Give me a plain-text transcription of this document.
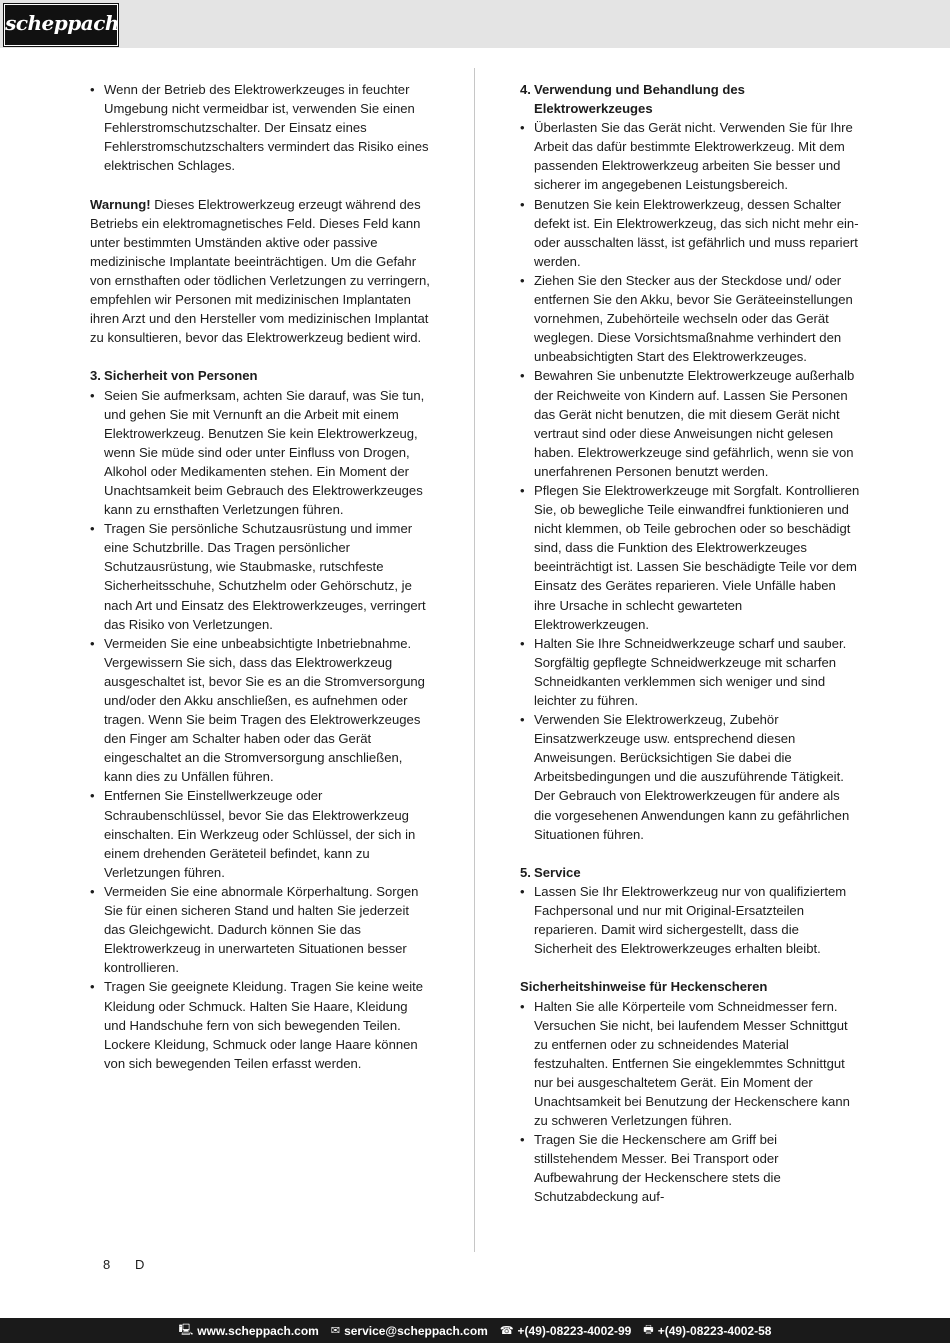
scheppach
• Wenn der Betrieb des Elektrowerkzeuges in feuchter Umgebung nicht vermeidbar ist, verwenden Sie einen Fehlerstromschutzschalter. Der Einsatz eines Fehlerstromschutzschalters vermindert das Risiko eines elektrischen Schlages.

Warnung! Dieses Elektrowerkzeug erzeugt während des Betriebs ein elektromagnetisches Feld. Dieses Feld kann unter bestimmten Umständen aktive oder passive medizinische Implantate beeinträchtigen. Um die Gefahr von ernsthaften oder tödlichen Verletzungen zu verringern, empfehlen wir Personen mit medizinischen Implantaten ihren Arzt und den Hersteller vom medizinischen Implantat zu konsultieren, bevor das Elektrowerkzeug bedient wird.

3. Sicherheit von Personen
• Seien Sie aufmerksam, achten Sie darauf, was Sie tun, und gehen Sie mit Vernunft an die Arbeit mit einem Elektrowerkzeug. Benutzen Sie kein Elektrowerkzeug, wenn Sie müde sind oder unter Einfluss von Drogen, Alkohol oder Medikamenten stehen. Ein Moment der Unachtsamkeit beim Gebrauch des Elektrowerkzeuges kann zu ernsthaften Verletzungen führen.
• Tragen Sie persönliche Schutzausrüstung und immer eine Schutzbrille. Das Tragen persönlicher Schutzausrüstung, wie Staubmaske, rutschfeste Sicherheitsschuhe, Schutzhelm oder Gehörschutz, je nach Art und Einsatz des Elektrowerkzeuges, verringert das Risiko von Verletzungen.
• Vermeiden Sie eine unbeabsichtigte Inbetriebnahme. Vergewissern Sie sich, dass das Elektrowerkzeug ausgeschaltet ist, bevor Sie es an die Stromversorgung und/oder den Akku anschließen, es aufnehmen oder tragen. Wenn Sie beim Tragen des Elektrowerkzeuges den Finger am Schalter haben oder das Gerät eingeschaltet an die Stromversorgung anschließen, kann dies zu Unfällen führen.
• Entfernen Sie Einstellwerkzeuge oder Schraubenschlüssel, bevor Sie das Elektrowerkzeug einschalten. Ein Werkzeug oder Schlüssel, der sich in einem drehenden Geräteteil befindet, kann zu Verletzungen führen.
• Vermeiden Sie eine abnormale Körperhaltung. Sorgen Sie für einen sicheren Stand und halten Sie jederzeit das Gleichgewicht. Dadurch können Sie das Elektrowerkzeug in unerwarteten Situationen besser kontrollieren.
• Tragen Sie geeignete Kleidung. Tragen Sie keine weite Kleidung oder Schmuck. Halten Sie Haare, Kleidung und Handschuhe fern von sich bewegenden Teilen. Lockere Kleidung, Schmuck oder lange Haare können von sich bewegenden Teilen erfasst werden.
4. Verwendung und Behandlung des Elektrowerkzeuges
• Überlasten Sie das Gerät nicht. Verwenden Sie für Ihre Arbeit das dafür bestimmte Elektrowerkzeug. Mit dem passenden Elektrowerkzeug arbeiten Sie besser und sicherer im angegebenen Leistungsbereich.
• Benutzen Sie kein Elektrowerkzeug, dessen Schalter defekt ist. Ein Elektrowerkzeug, das sich nicht mehr ein- oder ausschalten lässt, ist gefährlich und muss repariert werden.
• Ziehen Sie den Stecker aus der Steckdose und/ oder entfernen Sie den Akku, bevor Sie Geräteeinstellungen vornehmen, Zubehörteile wechseln oder das Gerät weglegen. Diese Vorsichtsmaßnahme verhindert den unbeabsichtigten Start des Elektrowerkzeuges.
• Bewahren Sie unbenutzte Elektrowerkzeuge außerhalb der Reichweite von Kindern auf. Lassen Sie Personen das Gerät nicht benutzen, die mit diesem Gerät nicht vertraut sind oder diese Anweisungen nicht gelesen haben. Elektrowerkzeuge sind gefährlich, wenn sie von unerfahrenen Personen benutzt werden.
• Pflegen Sie Elektrowerkzeuge mit Sorgfalt. Kontrollieren Sie, ob bewegliche Teile einwandfrei funktionieren und nicht klemmen, ob Teile gebrochen oder so beschädigt sind, dass die Funktion des Elektrowerkzeuges beeinträchtigt ist. Lassen Sie beschädigte Teile vor dem Einsatz des Gerätes reparieren. Viele Unfälle haben ihre Ursache in schlecht gewarteten Elektrowerkzeugen.
• Halten Sie Ihre Schneidwerkzeuge scharf und sauber. Sorgfältig gepflegte Schneidwerkzeuge mit scharfen Schneidkanten verklemmen sich weniger und sind leichter zu führen.
• Verwenden Sie Elektrowerkzeug, Zubehör Einsatzwerkzeuge usw. entsprechend diesen Anweisungen. Berücksichtigen Sie dabei die Arbeitsbedingungen und die auszuführende Tätigkeit. Der Gebrauch von Elektrowerkzeugen für andere als die vorgesehenen Anwendungen kann zu gefährlichen Situationen führen.
5. Service
• Lassen Sie Ihr Elektrowerkzeug nur von qualifiziertem Fachpersonal und nur mit Original-Ersatzteilen reparieren. Damit wird sichergestellt, dass die Sicherheit des Elektrowerkzeuges erhalten bleibt.
Sicherheitshinweise für Heckenscheren
• Halten Sie alle Körperteile vom Schneidmesser fern. Versuchen Sie nicht, bei laufendem Messer Schnittgut zu entfernen oder zu schneidendes Material festzuhalten. Entfernen Sie eingeklemmtes Schnittgut nur bei ausgeschaltetem Gerät. Ein Moment der Unachtsamkeit bei Benutzung der Heckenschere kann zu schweren Verletzungen führen.
• Tragen Sie die Heckenschere am Griff bei stillstehendem Messer. Bei Transport oder Aufbewahrung der Heckenschere stets die Schutzabdeckung auf-
8 D
🖳 www.scheppach.com ✉ service@scheppach.com ☎ +(49)-08223-4002-99 🖶 +(49)-08223-4002-58
